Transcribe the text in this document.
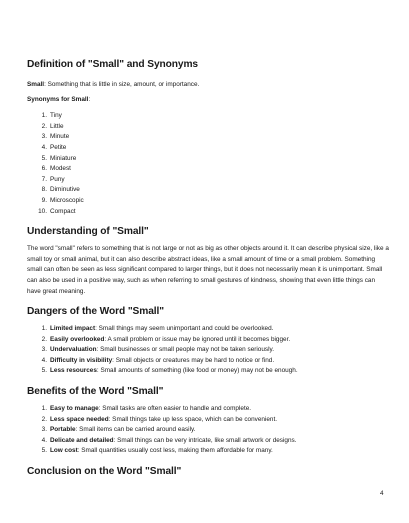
Definition of "Small" and Synonyms

Small: Something that is little in size, amount, or importance.

Synonyms for Small:

1. Tiny
2. Little
3. Minute
4. Petite
5. Miniature
6. Modest
7. Puny
8. Diminutive
9. Microscopic
10. Compact
Understanding of "Small"

The word "small" refers to something that is not large or not as big as other objects around it. It can describe physical size, like a small toy or small animal, but it can also describe abstract ideas, like a small amount of time or a small problem. Something small can often be seen as less significant compared to larger things, but it does not necessarily mean it is unimportant. Small can also be used in a positive way, such as when referring to small gestures of kindness, showing that even little things can have great meaning.

Dangers of the Word "Small"
1. Limited impact: Small things may seem unimportant and could be overlooked.
2. Easily overlooked: A small problem or issue may be ignored until it becomes bigger.
3. Undervaluation: Small businesses or small people may not be taken seriously.
4. Difficulty in visibility: Small objects or creatures may be hard to notice or find.
5. Less resources: Small amounts of something (like food or money) may not be enough.
Benefits of the Word "Small"
1. Easy to manage: Small tasks are often easier to handle and complete.
2. Less space needed: Small things take up less space, which can be convenient.
3. Portable: Small items can be carried around easily.
4. Delicate and detailed: Small things can be very intricate, like small artwork or designs.
5. Low cost: Small quantities usually cost less, making them affordable for many.
Conclusion on the Word "Small"
4
